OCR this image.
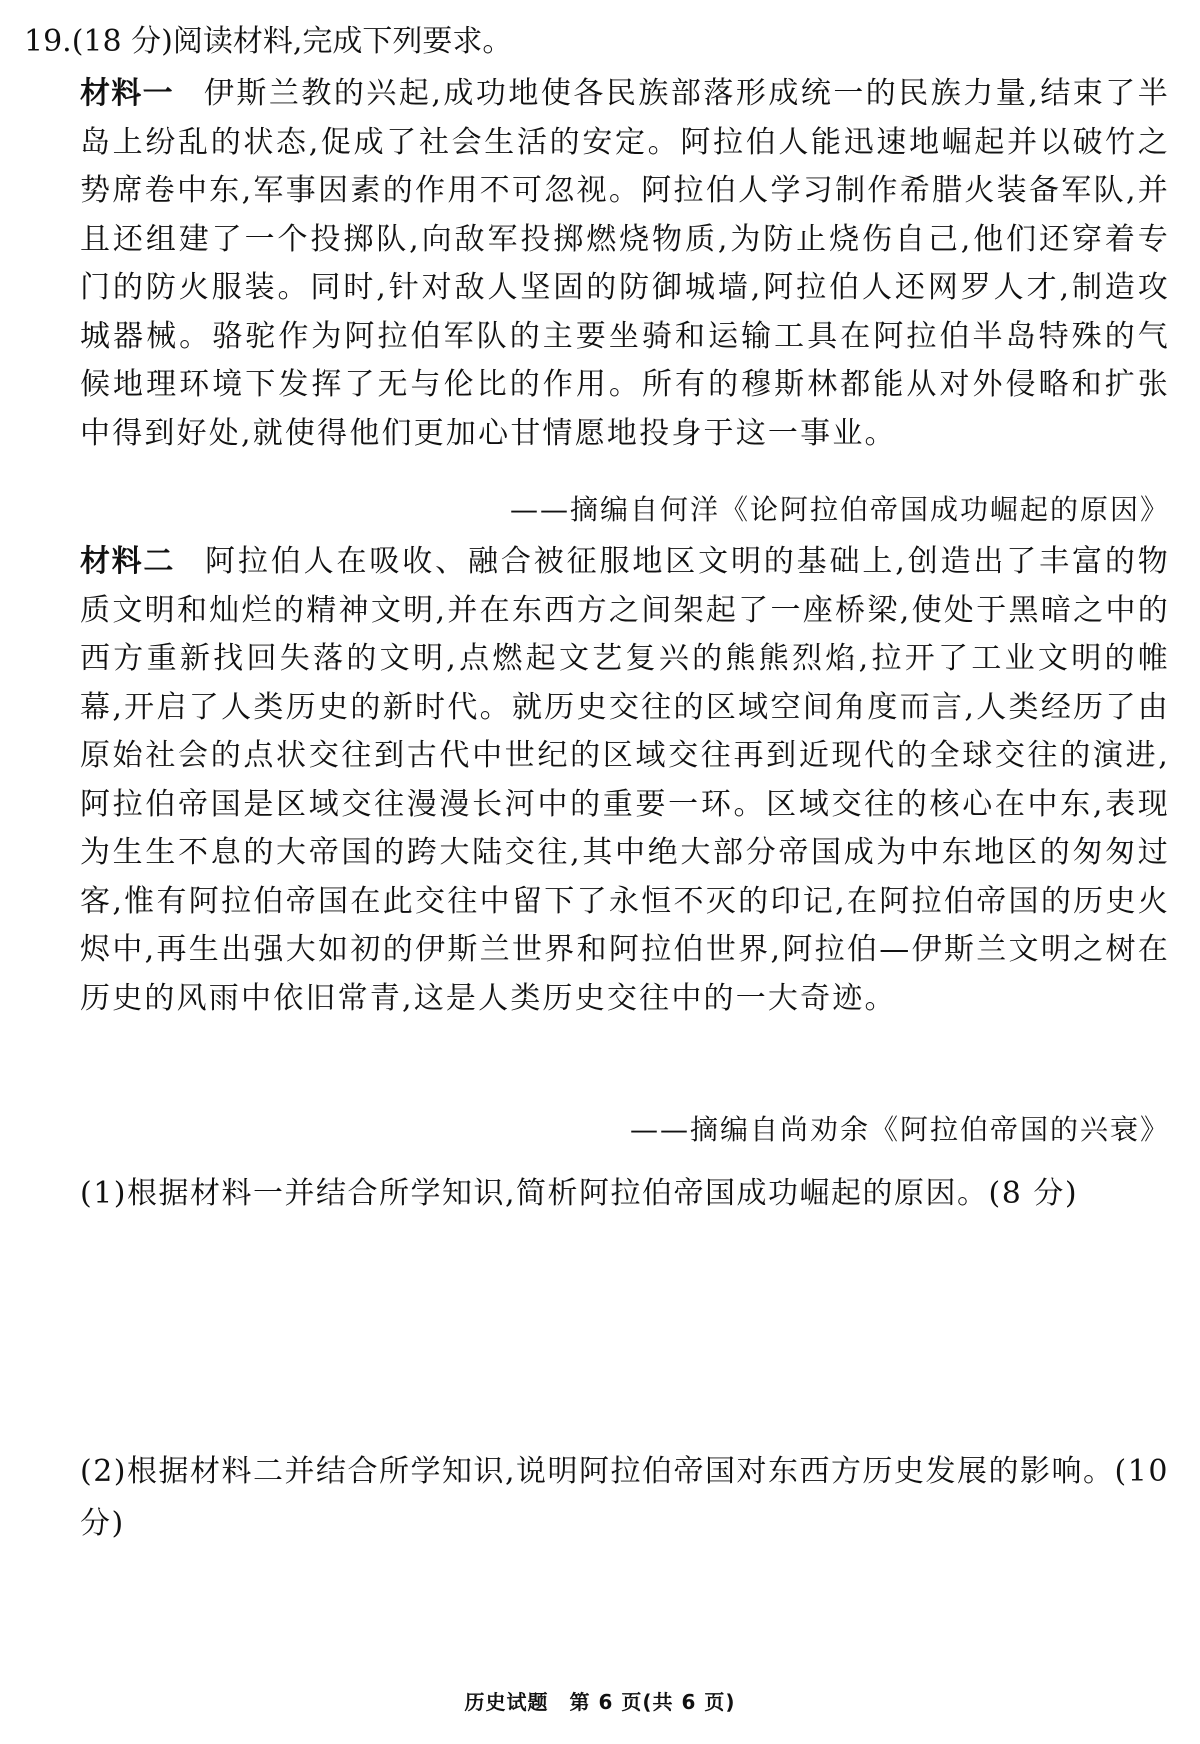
19.(18 分)阅读材料,完成下列要求。
材料一 伊斯兰教的兴起,成功地使各民族部落形成统一的民族力量,结束了半岛上纷乱的状态,促成了社会生活的安定。阿拉伯人能迅速地崛起并以破竹之势席卷中东,军事因素的作用不可忽视。阿拉伯人学习制作希腊火装备军队,并且还组建了一个投掷队,向敌军投掷燃烧物质,为防止烧伤自己,他们还穿着专门的防火服装。同时,针对敌人坚固的防御城墙,阿拉伯人还网罗人才,制造攻城器械。骆驼作为阿拉伯军队的主要坐骑和运输工具在阿拉伯半岛特殊的气候地理环境下发挥了无与伦比的作用。所有的穆斯林都能从对外侵略和扩张中得到好处,就使得他们更加心甘情愿地投身于这一事业。
——摘编自何洋《论阿拉伯帝国成功崛起的原因》
材料二 阿拉伯人在吸收、融合被征服地区文明的基础上,创造出了丰富的物质文明和灿烂的精神文明,并在东西方之间架起了一座桥梁,使处于黑暗之中的西方重新找回失落的文明,点燃起文艺复兴的熊熊烈焰,拉开了工业文明的帷幕,开启了人类历史的新时代。就历史交往的区域空间角度而言,人类经历了由原始社会的点状交往到古代中世纪的区域交往再到近现代的全球交往的演进,阿拉伯帝国是区域交往漫漫长河中的重要一环。区域交往的核心在中东,表现为生生不息的大帝国的跨大陆交往,其中绝大部分帝国成为中东地区的匆匆过客,惟有阿拉伯帝国在此交往中留下了永恒不灭的印记,在阿拉伯帝国的历史火烬中,再生出强大如初的伊斯兰世界和阿拉伯世界,阿拉伯—伊斯兰文明之树在历史的风雨中依旧常青,这是人类历史交往中的一大奇迹。
——摘编自尚劝余《阿拉伯帝国的兴衰》
(1)根据材料一并结合所学知识,简析阿拉伯帝国成功崛起的原因。(8 分)
(2)根据材料二并结合所学知识,说明阿拉伯帝国对东西方历史发展的影响。(10 分)
历史试题　第 6 页(共 6 页)
